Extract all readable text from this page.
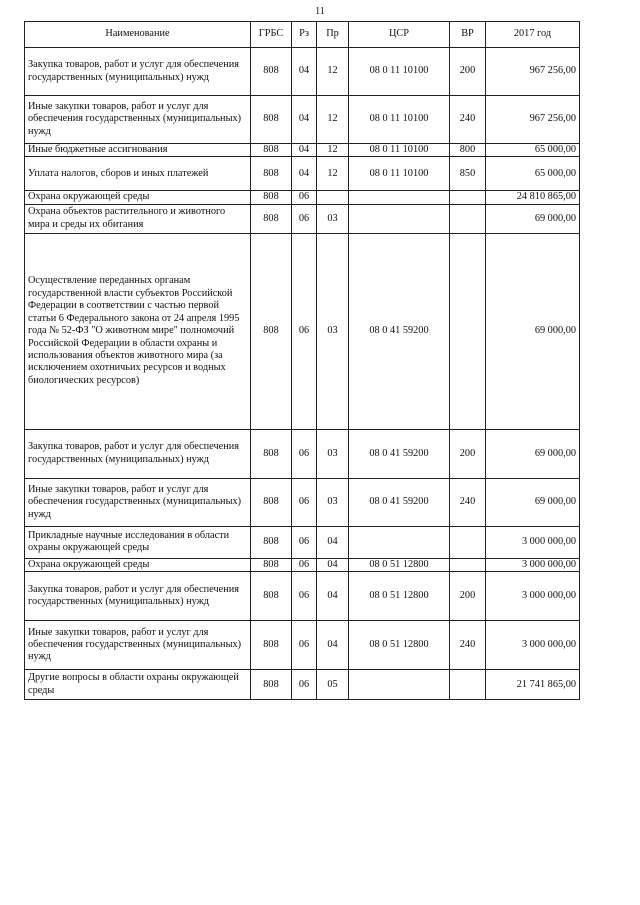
11
Наименование	ГРБС	Рз	Пр	ЦСР	ВР	2017 год
Закупка товаров, работ и услуг для обеспечения государственных (муниципальных) нужд	808	04	12	08 0 11 10100	200	967 256,00
Иные закупки товаров, работ и услуг для обеспечения государственных (муниципальных) нужд	808	04	12	08 0 11 10100	240	967 256,00
Иные бюджетные ассигнования	808	04	12	08 0 11 10100	800	65 000,00
Уплата налогов, сборов и иных платежей	808	04	12	08 0 11 10100	850	65 000,00
Охрана окружающей среды	808	06				24 810 865,00
Охрана объектов растительного и животного мира и среды их обитания	808	06	03			69 000,00
Осуществление переданных органам государственной власти субъектов Российской Федерации в соответствии с частью первой статьи 6 Федерального закона от 24 апреля 1995 года № 52-ФЗ "О животном мире" полномочий Российской Федерации в области охраны и использования объектов животного мира (за исключением охотничьих ресурсов и водных биологических ресурсов)	808	06	03	08 0 41 59200		69 000,00
Закупка товаров, работ и услуг для обеспечения государственных (муниципальных) нужд	808	06	03	08 0 41 59200	200	69 000,00
Иные закупки товаров, работ и услуг для обеспечения государственных (муниципальных) нужд	808	06	03	08 0 41 59200	240	69 000,00
Прикладные научные исследования в области охраны окружающей среды	808	06	04			3 000 000,00
Охрана окружающей среды	808	06	04	08 0 51 12800		3 000 000,00
Закупка товаров, работ и услуг для обеспечения государственных (муниципальных) нужд	808	06	04	08 0 51 12800	200	3 000 000,00
Иные закупки товаров, работ и услуг для обеспечения государственных (муниципальных) нужд	808	06	04	08 0 51 12800	240	3 000 000,00
Другие вопросы в области охраны окружающей среды	808	06	05			21 741 865,00
